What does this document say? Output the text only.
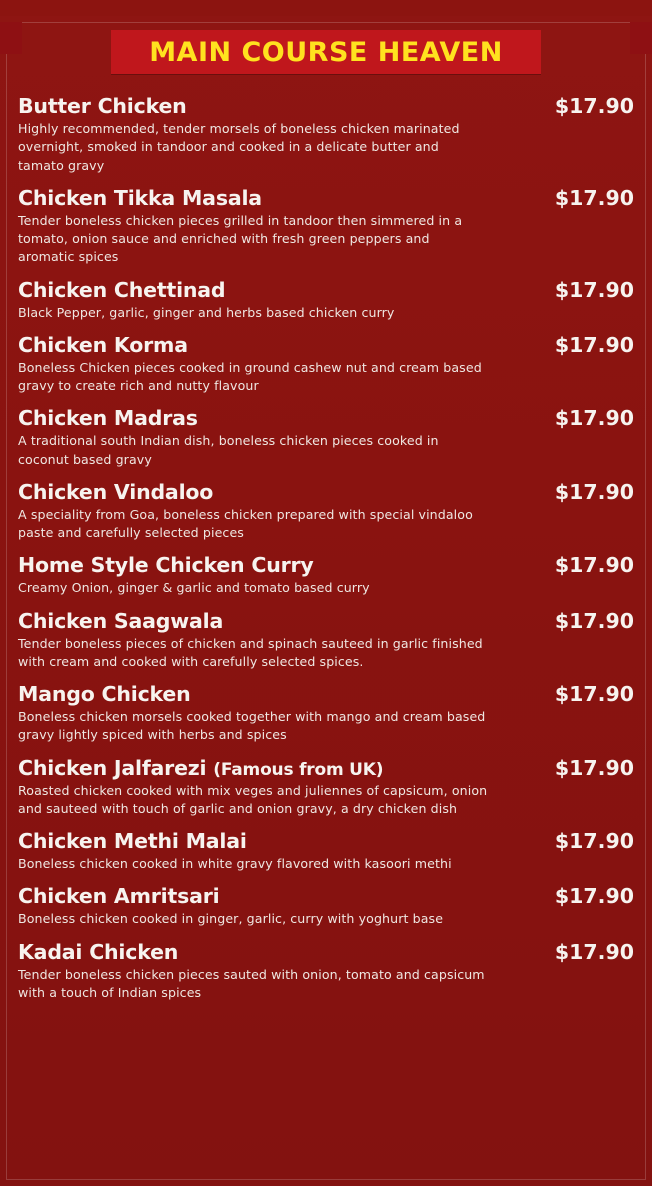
MAIN COURSE HEAVEN
Butter Chicken	$17.90
Highly recommended, tender morsels of boneless chicken marinated overnight, smoked in tandoor and cooked in a delicate butter and tamato gravy
Chicken Tikka Masala	$17.90
Tender boneless chicken pieces grilled in tandoor then simmered in a tomato, onion sauce and enriched with fresh green peppers and aromatic spices
Chicken Chettinad	$17.90
Black Pepper, garlic, ginger and herbs based chicken curry
Chicken Korma	$17.90
Boneless Chicken pieces cooked in ground cashew nut and cream based gravy to create rich and nutty flavour
Chicken Madras	$17.90
A traditional south Indian dish, boneless chicken pieces cooked in coconut based gravy
Chicken Vindaloo	$17.90
A speciality from Goa, boneless chicken prepared with special vindaloo paste and carefully selected pieces
Home Style Chicken Curry	$17.90
Creamy Onion, ginger & garlic and tomato based curry
Chicken Saagwala	$17.90
Tender boneless pieces of chicken and spinach sauteed in garlic finished with cream and cooked with carefully selected spices.
Mango Chicken	$17.90
Boneless chicken morsels cooked together with mango and cream based gravy lightly spiced with herbs and spices
Chicken Jalfarezi (Famous from UK)	$17.90
Roasted chicken cooked with mix veges and juliennes of capsicum, onion and sauteed with touch of garlic and onion gravy, a dry chicken dish
Chicken Methi Malai	$17.90
Boneless chicken cooked in white gravy flavored with kasoori methi
Chicken Amritsari	$17.90
Boneless chicken cooked in ginger, garlic, curry with yoghurt base
Kadai Chicken	$17.90
Tender boneless chicken pieces sauted with onion, tomato and capsicum with a touch of Indian spices
